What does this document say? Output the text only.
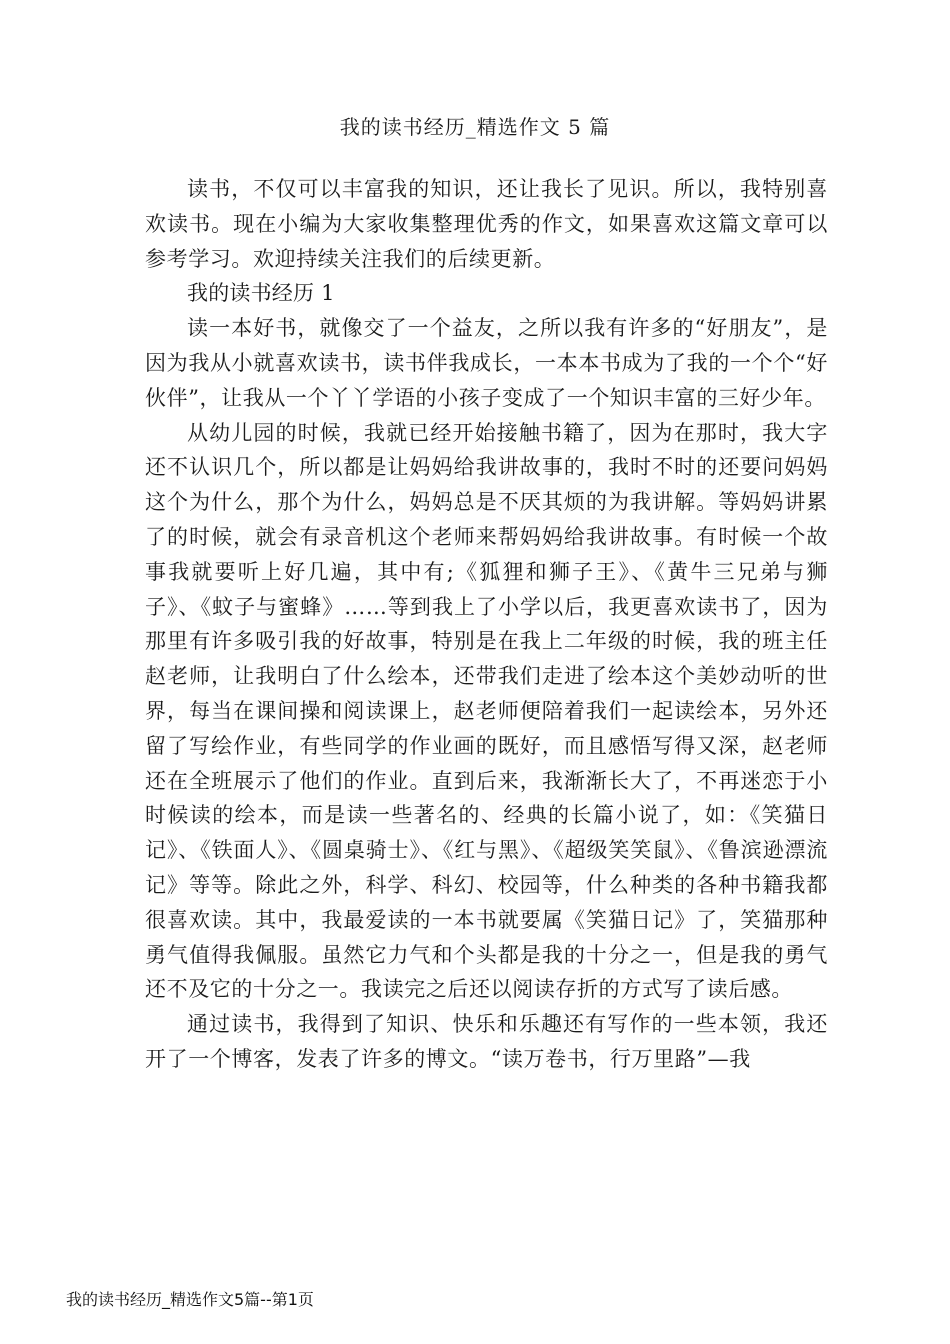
我的读书经历_精选作文 5 篇

读书，不仅可以丰富我的知识，还让我长了见识。所以，我特别喜欢读书。现在小编为大家收集整理优秀的作文，如果喜欢这篇文章可以参考学习。欢迎持续关注我们的后续更新。

我的读书经历 1

读一本好书，就像交了一个益友，之所以我有许多的“好朋友”，是因为我从小就喜欢读书，读书伴我成长，一本本书成为了我的一个个“好伙伴”，让我从一个丫丫学语的小孩子变成了一个知识丰富的三好少年。

从幼儿园的时候，我就已经开始接触书籍了，因为在那时，我大字还不认识几个，所以都是让妈妈给我讲故事的，我时不时的还要问妈妈这个为什么，那个为什么，妈妈总是不厌其烦的为我讲解。等妈妈讲累了的时候，就会有录音机这个老师来帮妈妈给我讲故事。有时候一个故事我就要听上好几遍，其中有;《狐狸和狮子王》、《黄牛三兄弟与狮子》、《蚊子与蜜蜂》……等到我上了小学以后，我更喜欢读书了，因为那里有许多吸引我的好故事，特别是在我上二年级的时候，我的班主任赵老师，让我明白了什么绘本，还带我们走进了绘本这个美妙动听的世界，每当在课间操和阅读课上，赵老师便陪着我们一起读绘本，另外还留了写绘作业，有些同学的作业画的既好，而且感悟写得又深，赵老师还在全班展示了他们的作业。直到后来，我渐渐长大了，不再迷恋于小时候读的绘本，而是读一些著名的、经典的长篇小说了，如：《笑猫日记》、《铁面人》、《圆桌骑士》、《红与黑》、《超级笑笑鼠》、《鲁滨逊漂流记》等等。除此之外，科学、科幻、校园等，什么种类的各种书籍我都很喜欢读。其中，我最爱读的一本书就要属《笑猫日记》了，笑猫那种勇气值得我佩服。虽然它力气和个头都是我的十分之一，但是我的勇气还不及它的十分之一。我读完之后还以阅读存折的方式写了读后感。

通过读书，我得到了知识、快乐和乐趣还有写作的一些本领，我还开了一个博客，发表了许多的博文。“读万卷书，行万里路”—我

我的读书经历_精选作文5篇--第1页
